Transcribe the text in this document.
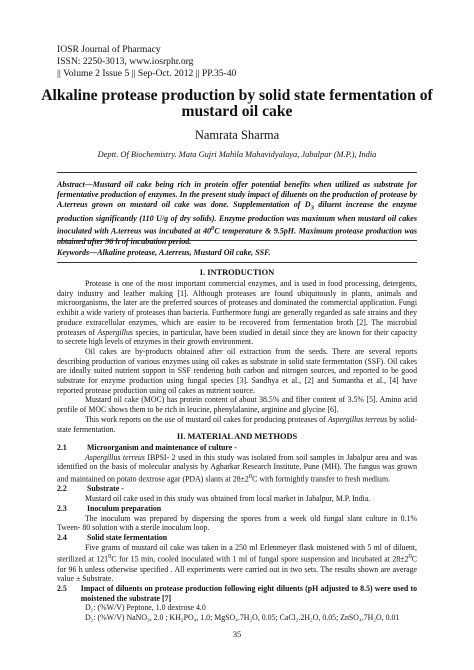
IOSR Journal of Pharmacy
ISSN: 2250-3013, www.iosrphr.org
|| Volume 2 Issue 5 || Sep-Oct. 2012 || PP.35-40
Alkaline protease production by solid state fermentation of mustard oil cake
Namrata Sharma
Deptt. Of Biochemistry. Mata Gujri Mahila Mahavidyalaya, Jabalpur (M.P.), India
Abstract—Mustard oil cake being rich in protein offer potential benefits when utilized as substrate for fermentative production of enzymes. In the present study impact of diluents on the production of protease by A.terreus grown on mustard oil cake was done. Supplementation of $D_3$ diluent increase the enzyme production significantly (110 U/g of dry solids). Enzyme production was maximum when mustard oil cakes inoculated with A.terreus was incubated at $40^0C$ temperature & 9.5pH. Maximum protease production was obtained after 96 h of incubation period.
Keywords—Alkaline protease, A.terreus, Mustard Oil cake, SSF.
I. INTRODUCTION

Protease is one of the most important commercial enzymes, and is used in food processing, detergents, dairy industry and leather making [1]. Although proteases are found ubiquitously in plants, animals and microorganisms, the later are the preferred sources of proteases and dominated the commercial application. Fungi exhibit a wide variety of proteases than bacteria. Furthermore fungi are generally regarded as safe strains and they produce extracellular enzymes, which are easier to be recovered from fermentation broth [2]. The microbial proteases of Aspergillus species, in particular, have been studied in detail since they are known for their capacity to secrete high levels of enzymes in their growth environment.

Oil cakes are by-products obtained after oil extraction from the seeds. There are several reports describing production of various enzymes using oil cakes as substrate in solid state fermentation (SSF). Oil cakes are ideally suited nutrient support in SSF rendering both carbon and nitrogen sources, and reported to be good substrate for enzyme production using fungal species [3]. Sandhya et al., [2] and Sumantha et al., [4] have reported protease production using oil cakes as nutrient source.

Mustard oil cake (MOC) has protein content of about 38.5% and fiber content of 3.5% [5]. Amino acid profile of MOC shows them to be rich in leucine, phenylalanine, arginine and glycine [6].

This work reports on the use of mustard oil cakes for producing proteases of Aspergillus terreus by solid-state fermentation.

II. MATERIAL AND METHODS
2.1	Microorganism and maintenance of culture -
Aspergillus terreus IBPSI- 2 used in this study was isolated from soil samples in Jabalpur area and was identified on the basis of molecular analysis by Agharkar Research Institute, Pune (MH). The fungus was grown and maintained on potato dextrose agar (PDA) slants at $28\pm 2^0C$ with fortnightly transfer to fresh medium.
2.2	Substrate -
Mustard oil cake used in this study was obtained from local market in Jabalpur, M.P. India.
2.3	Inoculum preparation
The inoculum was prepared by dispersing the spores from a week old fungal slant culture in 0.1% Tween- 80 solution with a sterile inoculum loop.
2.4	Solid state fermentation
Five grams of mustard oil cake was taken in a 250 ml Erlenmeyer flask moistened with 5 ml of diluent, sterilized at $121^0C$ for 15 min, cooled inoculated with 1 ml of fungal spore suspension and incubated at $28\pm 2^0C$ for 96 h unless otherwise specified . All experiments were carried out in two sets. The results shown are average value ± Substrate.
2.5	Impact of diluents on protease production following eight diluents (pH adjusted to 8.5) were used to moistened the substrate [7]
D₁: (%W/V) Peptone, 1.0 dextrose 4.0
D₂: (%W/V) NaNO₃, 2.0 ; KH₂PO₄, 1.0; MgSO₄.7H₂O, 0.05; CaCl₂.2H₂O, 0.05; ZnSO₄.7H₂O, 0.01
35
